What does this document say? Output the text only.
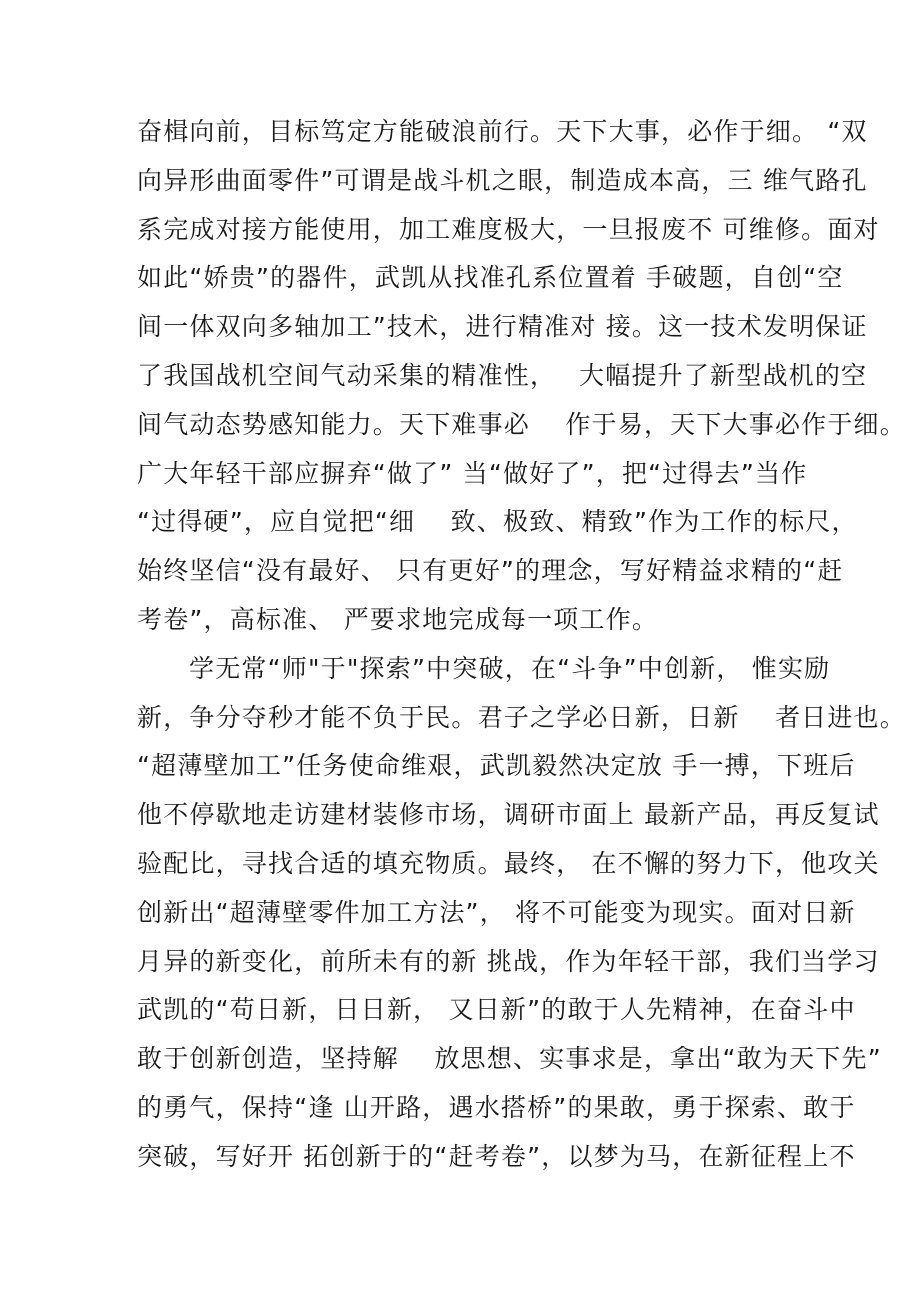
奋楫向前，目标笃定方能破浪前行。天下大事，必作于细。 “双
向异形曲面零件”可谓是战斗机之眼，制造成本高，三 维气路孔
系完成对接方能使用，加工难度极大，一旦报废不 可维修。面对
如此“娇贵”的器件，武凯从找准孔系位置着 手破题，自创“空
间一体双向多轴加工”技术，进行精准对 接。这一技术发明保证
了我国战机空间气动采集的精准性，　 大幅提升了新型战机的空
间气动态势感知能力。天下难事必　 作于易，天下大事必作于细。
广大年轻干部应摒弃“做了” 当“做好了”，把“过得去”当作
“过得硬”，应自觉把“细　 致、极致、精致”作为工作的标尺，
始终坚信“没有最好、 只有更好”的理念，写好精益求精的“赶
考卷”，高标准、 严要求地完成每一项工作。
学无常“师"于"探索”中突破，在“斗争”中创新， 惟实励
新，争分夺秒才能不负于民。君子之学必日新，日新　 者日进也。
“超薄壁加工”任务使命维艰，武凯毅然决定放 手一搏，下班后
他不停歇地走访建材装修市场，调研市面上 最新产品，再反复试
验配比，寻找合适的填充物质。最终， 在不懈的努力下，他攻关
创新出“超薄壁零件加工方法”， 将不可能变为现实。面对日新
月异的新变化，前所未有的新 挑战，作为年轻干部，我们当学习
武凯的“苟日新，日日新， 又日新”的敢于人先精神，在奋斗中
敢于创新创造，坚持解　 放思想、实事求是，拿出“敢为天下先”
的勇气，保持“逢 山开路，遇水搭桥”的果敢，勇于探索、敢于
突破，写好开 拓创新于的“赶考卷”，以梦为马，在新征程上不
